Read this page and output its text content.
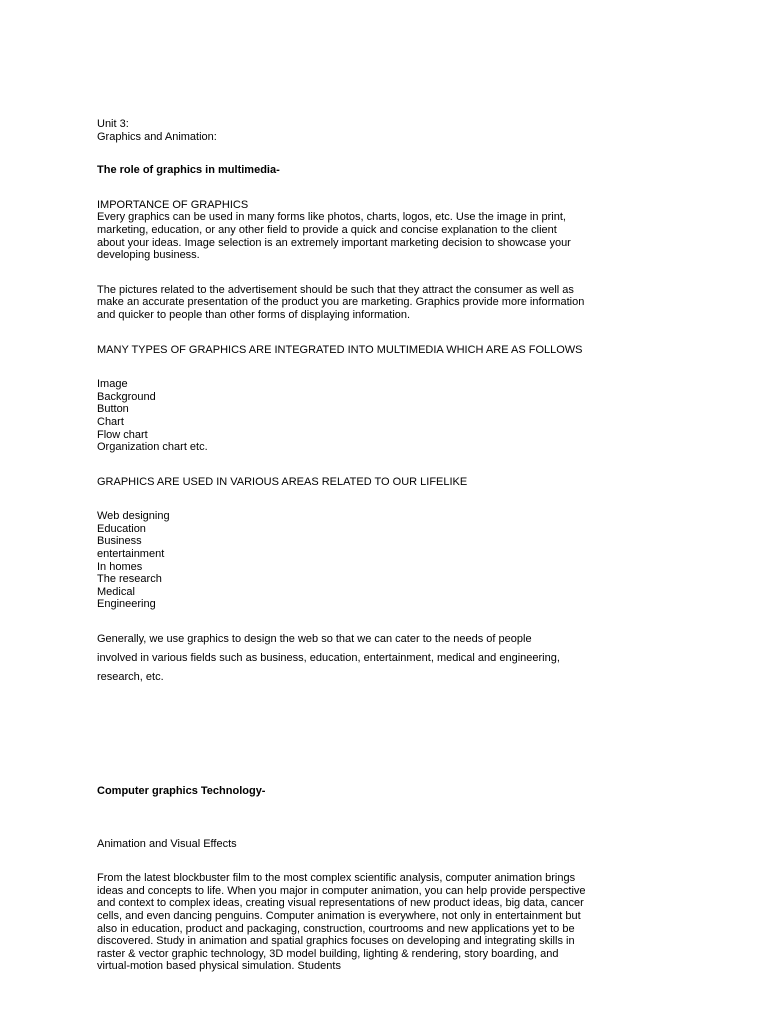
Unit 3:
Graphics and Animation:
The role of graphics in multimedia-
IMPORTANCE OF GRAPHICS
Every graphics can be used in many forms like photos, charts, logos, etc. Use the image in print, marketing, education, or any other field to provide a quick and concise explanation to the client about your ideas. Image selection is an extremely important marketing decision to showcase your developing business.
The pictures related to the advertisement should be such that they attract the consumer as well as make an accurate presentation of the product you are marketing. Graphics provide more information and quicker to people than other forms of displaying information.
MANY TYPES OF GRAPHICS ARE INTEGRATED INTO MULTIMEDIA WHICH ARE AS FOLLOWS
Image
Background
Button
Chart
Flow chart
Organization chart etc.
GRAPHICS ARE USED IN VARIOUS AREAS RELATED TO OUR LIFELIKE
Web designing
Education
Business
entertainment
In homes
The research
Medical
Engineering
Generally, we use graphics to design the web so that we can cater to the needs of people
involved in various fields such as business, education, entertainment, medical and engineering,
research, etc.
Computer graphics Technology-
Animation and Visual Effects
From the latest blockbuster film to the most complex scientific analysis, computer animation brings ideas and concepts to life. When you major in computer animation, you can help provide perspective and context to complex ideas, creating visual representations of new product ideas, big data, cancer cells, and even dancing penguins. Computer animation is everywhere, not only in entertainment but also in education, product and packaging, construction, courtrooms and new applications yet to be discovered. Study in animation and spatial graphics focuses on developing and integrating skills in raster & vector graphic technology, 3D model building, lighting & rendering, story boarding, and virtual-motion based physical simulation. Students
